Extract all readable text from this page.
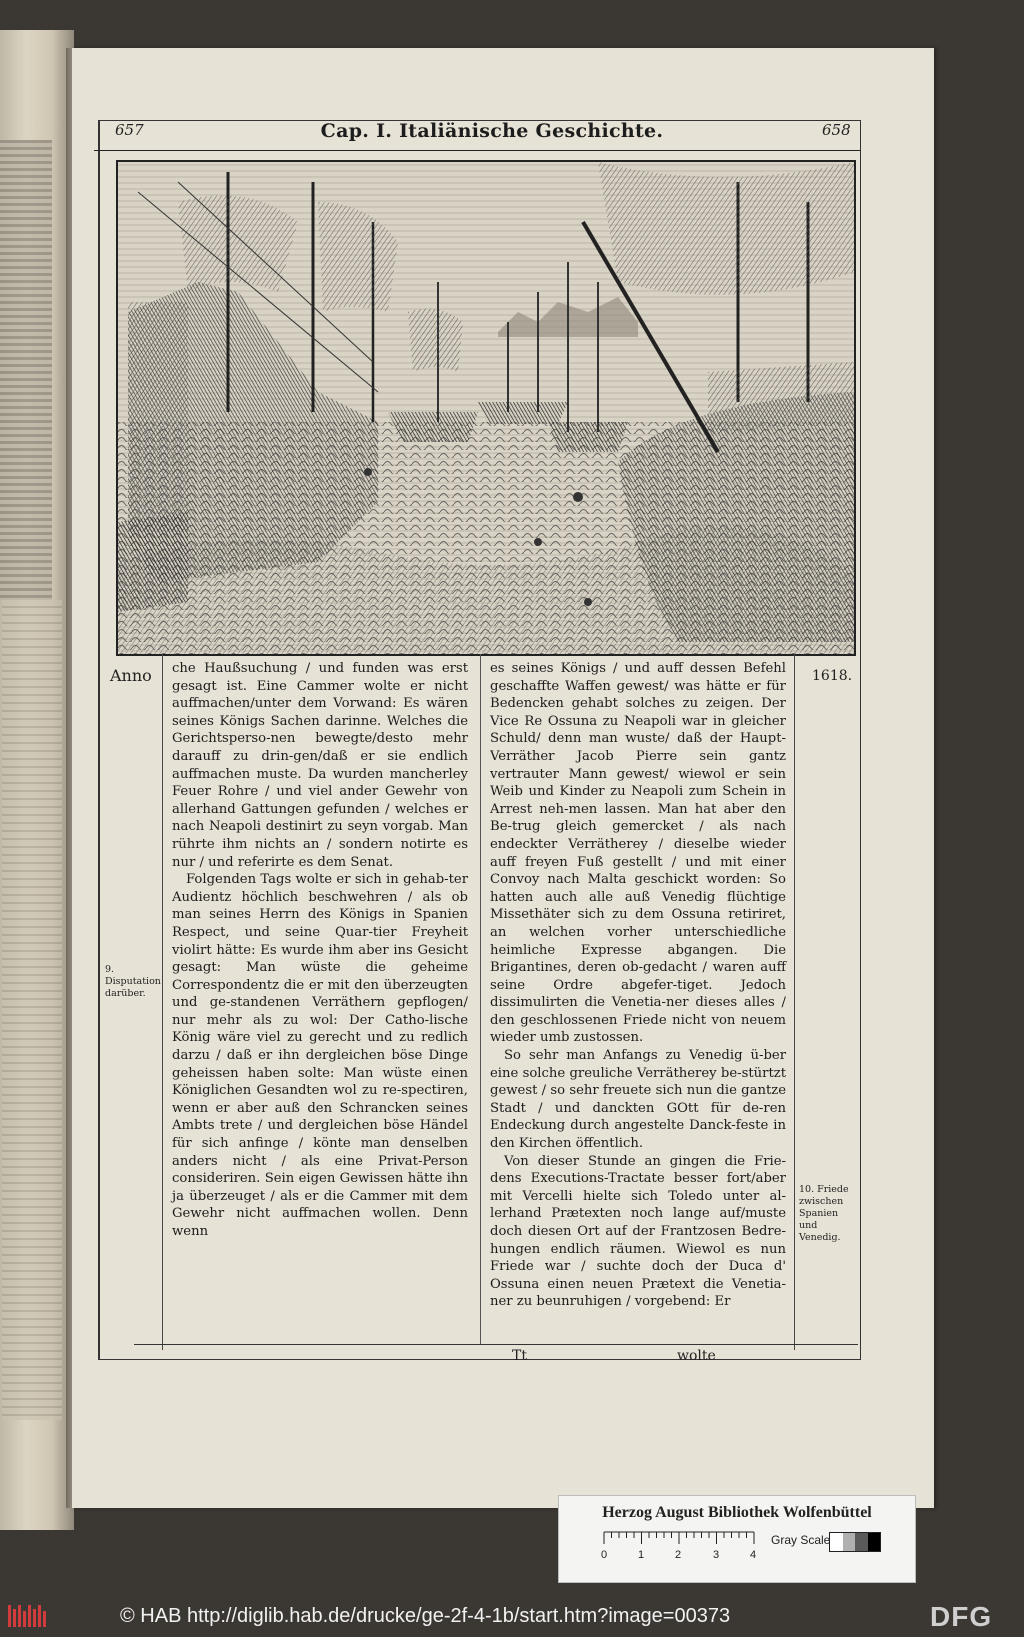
657	Cap. I. Italiänische Geschichte.	658
Anno	1618.
9. Disputation darüber.
10. Friede zwischen Spanien und Venedig.

che Haußsuchung / und funden was erst gesagt ist. Eine Cammer wolte er nicht auffmachen/unter dem Vorwand: Es wären seines Königs Sachen darinne. Welches die Gerichtsperso-nen bewegte/desto mehr darauff zu drin-gen/daß er sie endlich auffmachen muste. Da wurden mancherley Feuer Rohre / und viel ander Gewehr von allerhand Gattungen gefunden / welches er nach Neapoli destinirt zu seyn vorgab. Man rührte ihm nichts an / sondern notirte es nur / und referirte es dem Senat.

Folgenden Tags wolte er sich in gehab-ter Audientz höchlich beschwehren / als ob man seines Herrn des Königs in Spanien Respect, und seine Quar-tier Freyheit violirt hätte: Es wurde ihm aber ins Gesicht gesagt: Man wüste die geheime Correspondentz die er mit den überzeugten und ge-standenen Verräthern gepflogen/ nur mehr als zu wol: Der Catho-lische König wäre viel zu gerecht und zu redlich darzu / daß er ihn dergleichen böse Dinge geheissen haben solte: Man wüste einen Königlichen Gesandten wol zu re-spectiren, wenn er aber auß den Schrancken seines Ambts trete / und dergleichen böse Händel für sich anfinge / könte man denselben anders nicht / als eine Privat-Person consideriren. Sein eigen Gewissen hätte ihn ja überzeuget / als er die Cammer mit dem Gewehr nicht auffmachen wollen. Denn wenn

es seines Königs / und auff dessen Befehl geschaffte Waffen gewest/ was hätte er für Bedencken gehabt solches zu zeigen. Der Vice Re Ossuna zu Neapoli war in gleicher Schuld/ denn man wuste/ daß der Haupt-Verräther Jacob Pierre sein gantz vertrauter Mann gewest/ wiewol er sein Weib und Kinder zu Neapoli zum Schein in Arrest neh-men lassen. Man hat aber den Be-trug gleich gemercket / als nach endeckter Verrätherey / dieselbe wieder auff freyen Fuß gestellt / und mit einer Convoy nach Malta geschickt worden: So hatten auch alle auß Venedig flüchtige Missethäter sich zu dem Ossuna retiriret, an welchen vorher unterschiedliche heimliche Expresse abgangen. Die Brigantines, deren ob-gedacht / waren auff seine Ordre abgefer-tiget. Jedoch dissimulirten die Venetia-ner dieses alles / den geschlossenen Friede nicht von neuem wieder umb zustossen.

So sehr man Anfangs zu Venedig ü-ber eine solche greuliche Verrätherey be-stürtzt gewest / so sehr freuete sich nun die gantze Stadt / und danckten GOtt für de-ren Endeckung durch angestelte Danck-feste in den Kirchen öffentlich.

Von dieser Stunde an gingen die Frie-dens Executions-Tractate besser fort/aber mit Vercelli hielte sich Toledo unter al-lerhand Prætexten noch lange auf/muste doch diesen Ort auf der Frantzosen Bedre-hungen endlich räumen. Wiewol es nun Friede war / suchte doch der Duca d' Ossuna einen neuen Prætext die Venetia-ner zu beunruhigen / vorgebend: Er

Tt	wolte
Herzog August Bibliothek Wolfenbüttel
0	1	2	3	4
Gray Scale
© HAB http://diglib.hab.de/drucke/ge-2f-4-1b/start.htm?image=00373	DFG
